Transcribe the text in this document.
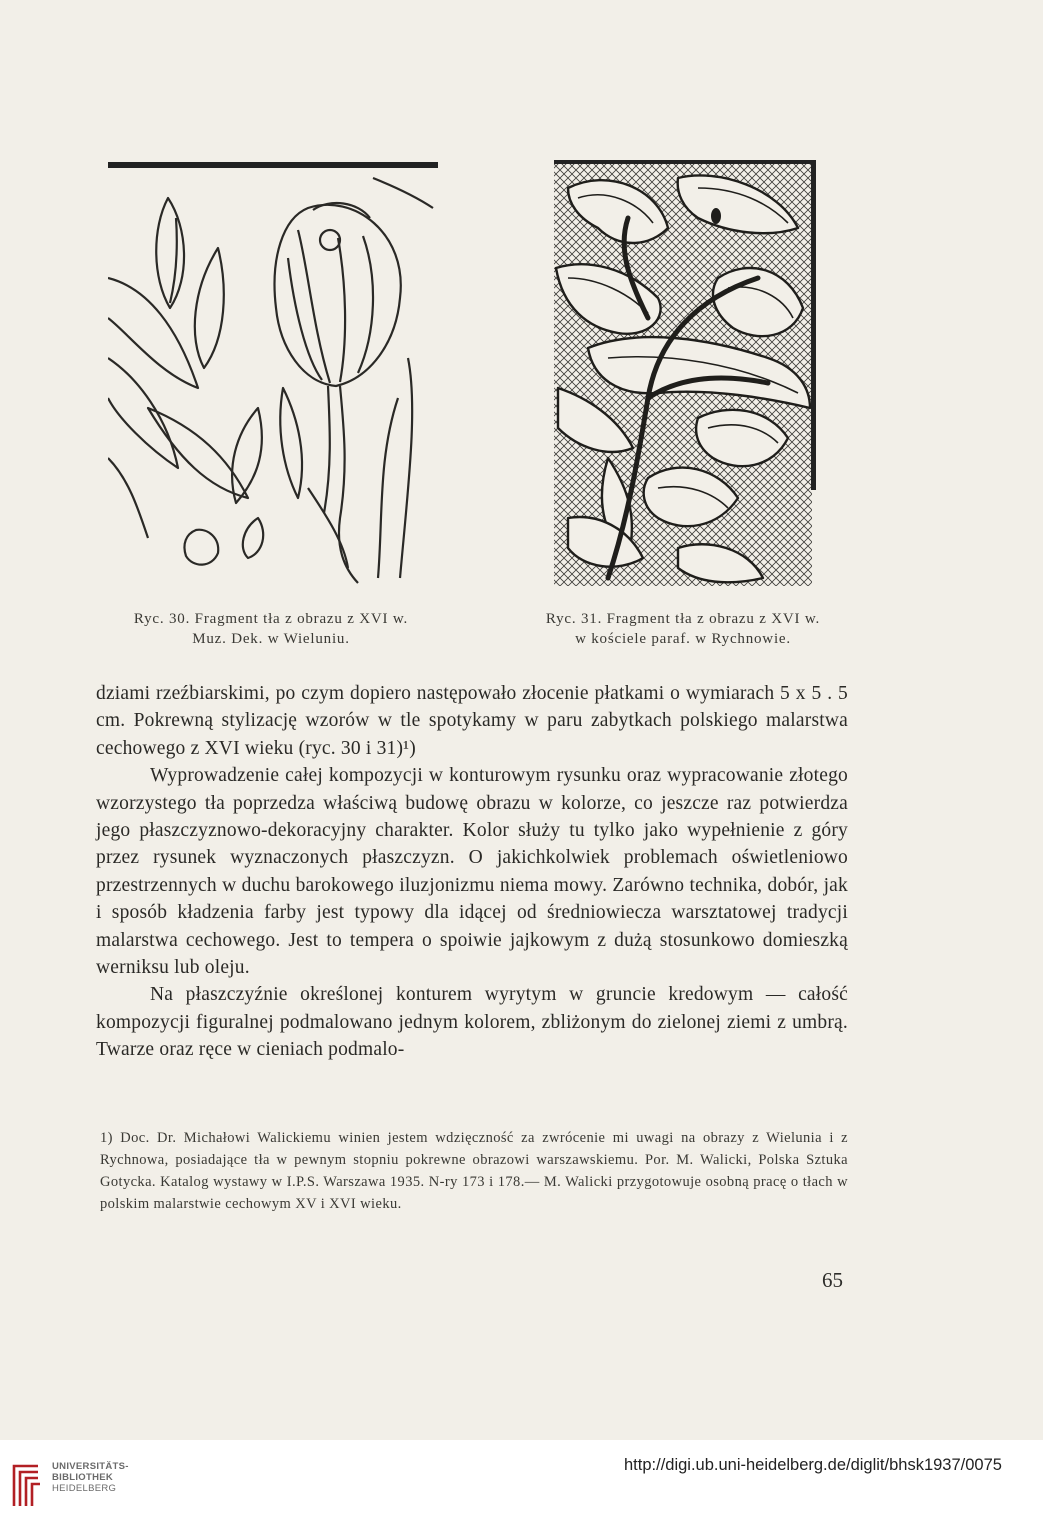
Ryc. 30. Fragment tła z obrazu z XVI w.
Muz. Dek. w Wieluniu.
Ryc. 31. Fragment tła z obrazu z XVI w.
w kościele paraf. w Rychnowie.

dziami rzeźbiarskimi, po czym dopiero następowało złocenie płatkami o wymiarach 5 x 5 . 5 cm. Pokrewną stylizację wzorów w tle spotykamy w paru zabytkach polskiego malarstwa cechowego z XVI wieku (ryc. 30 i 31)¹)

Wyprowadzenie całej kompozycji w konturowym rysunku oraz wypracowanie złotego wzorzystego tła poprzedza właściwą budowę obrazu w kolorze, co jeszcze raz potwierdza jego płaszczyznowo-dekoracyjny charakter. Kolor służy tu tylko jako wypełnienie z góry przez rysunek wyznaczonych płaszczyzn. O jakichkolwiek problemach oświetleniowo przestrzennych w duchu barokowego iluzjonizmu niema mowy. Zarówno technika, dobór, jak i sposób kładzenia farby jest typowy dla idącej od średniowiecza warsztatowej tradycji malarstwa cechowego. Jest to tempera o spoiwie jajkowym z dużą stosunkowo domieszką werniksu lub oleju.

Na płaszczyźnie określonej konturem wyrytym w gruncie kredowym — całość kompozycji figuralnej podmalowano jednym kolorem, zbliżonym do zielonej ziemi z umbrą. Twarze oraz ręce w cieniach podmalo-

1) Doc. Dr. Michałowi Walickiemu winien jestem wdzięczność za zwrócenie mi uwagi na obrazy z Wielunia i z Rychnowa, posiadające tła w pewnym stopniu pokrewne obrazowi warszawskiemu. Por. M. Walicki, Polska Sztuka Gotycka. Katalog wystawy w I.P.S. Warszawa 1935. N-ry 173 i 178.— M. Walicki przygotowuje osobną pracę o tłach w polskim malarstwie cechowym XV i XVI wieku.
65
UNIVERSITÄTS-
BIBLIOTHEK
HEIDELBERG
http://digi.ub.uni-heidelberg.de/diglit/bhsk1937/0075
